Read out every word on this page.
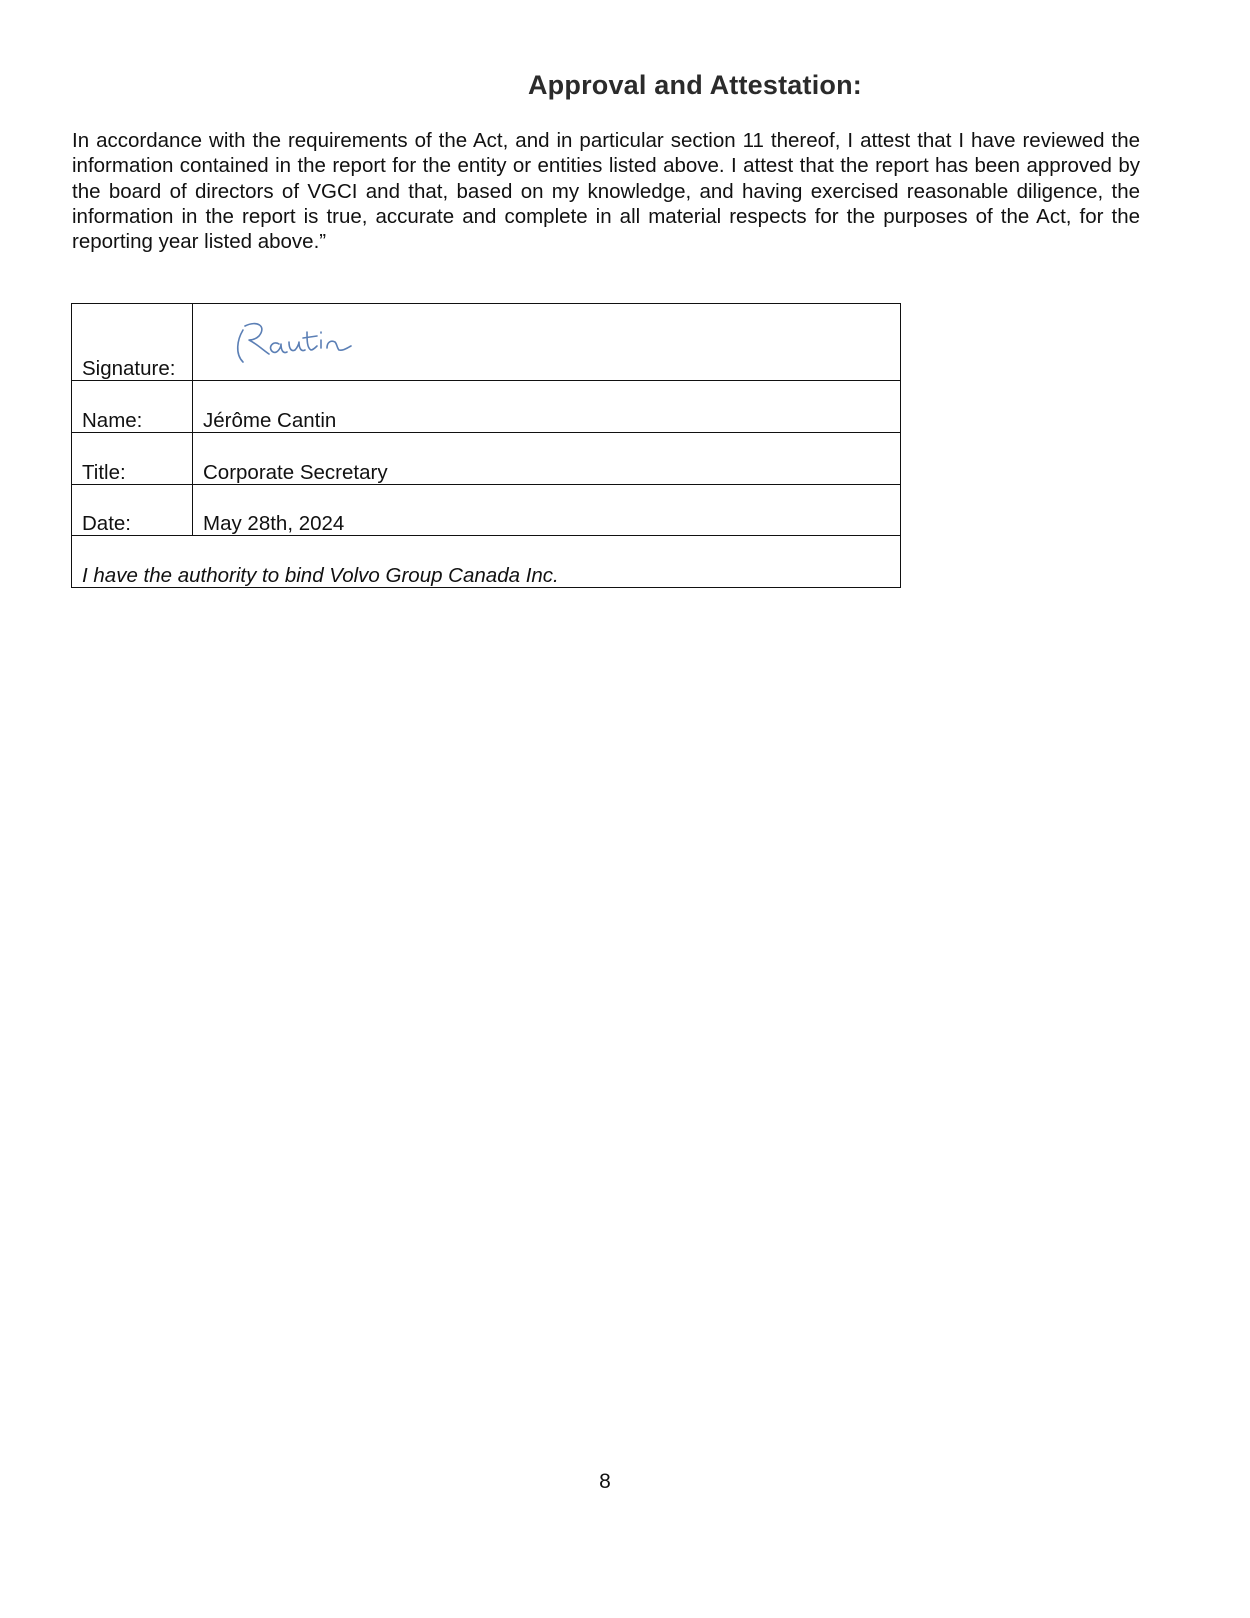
Approval and Attestation:

In accordance with the requirements of the Act, and in particular section 11 thereof, I attest that I have reviewed the information contained in the report for the entity or entities listed above. I attest that the report has been approved by the board of directors of VGCI and that, based on my knowledge, and having exercised reasonable diligence, the information in the report is true, accurate and complete in all material respects for the purposes of the Act, for the reporting year listed above.”

Signature:	

Name:	Jérôme Cantin
Title:	Corporate Secretary
Date:	May 28th, 2024
I have the authority to bind Volvo Group Canada Inc.	
8
